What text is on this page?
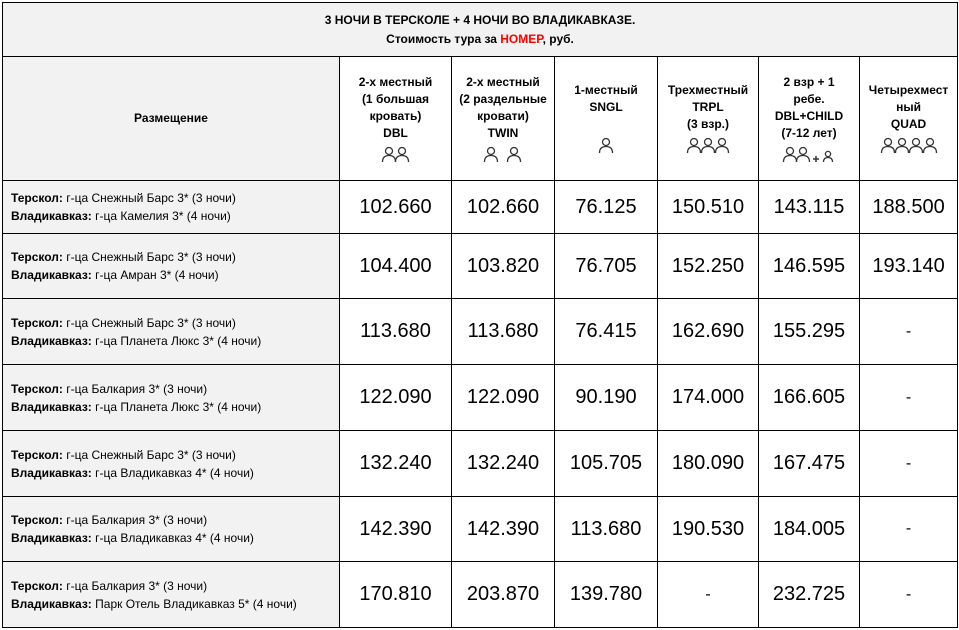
3 НОЧИ В ТЕРСКОЛЕ + 4 НОЧИ ВО ВЛАДИКАВКАЗЕ.
Стоимость тура за НОМЕР, руб.						

Размещение	2-х местный
(1 большая
кровать)
DBL	2-х местный
(2 раздельные
кровати)
TWIN	1-местный
SNGL	Трехместный
TRPL
(3 взр.)	2 взр + 1
ребе.
DBL+CHILD
(7-12 лет)	Четырехмест
ный
QUAD

Терскол: г-ца Снежный Барс 3* (3 ночи)
Владикавказ: г-ца Камелия 3* (4 ночи)	102.660	102.660	76.125	150.510	143.115	188.500

Терскол: г-ца Снежный Барс 3* (3 ночи)
Владикавказ: г-ца Амран 3* (4 ночи)	104.400	103.820	76.705	152.250	146.595	193.140

Терскол: г-ца Снежный Барс 3* (3 ночи)
Владикавказ: г-ца Планета Люкс 3* (4 ночи)	113.680	113.680	76.415	162.690	155.295	-

Терскол: г-ца Балкария 3* (3 ночи)
Владикавказ: г-ца Планета Люкс 3* (4 ночи)	122.090	122.090	90.190	174.000	166.605	-

Терскол: г-ца Снежный Барс 3* (3 ночи)
Владикавказ: г-ца Владикавказ 4* (4 ночи)	132.240	132.240	105.705	180.090	167.475	-

Терскол: г-ца Балкария 3* (3 ночи)
Владикавказ: г-ца Владикавказ 4* (4 ночи)	142.390	142.390	113.680	190.530	184.005	-

Терскол: г-ца Балкария 3* (3 ночи)
Владикавказ: Парк Отель Владикавказ 5* (4 ночи)	170.810	203.870	139.780	-	232.725	-
